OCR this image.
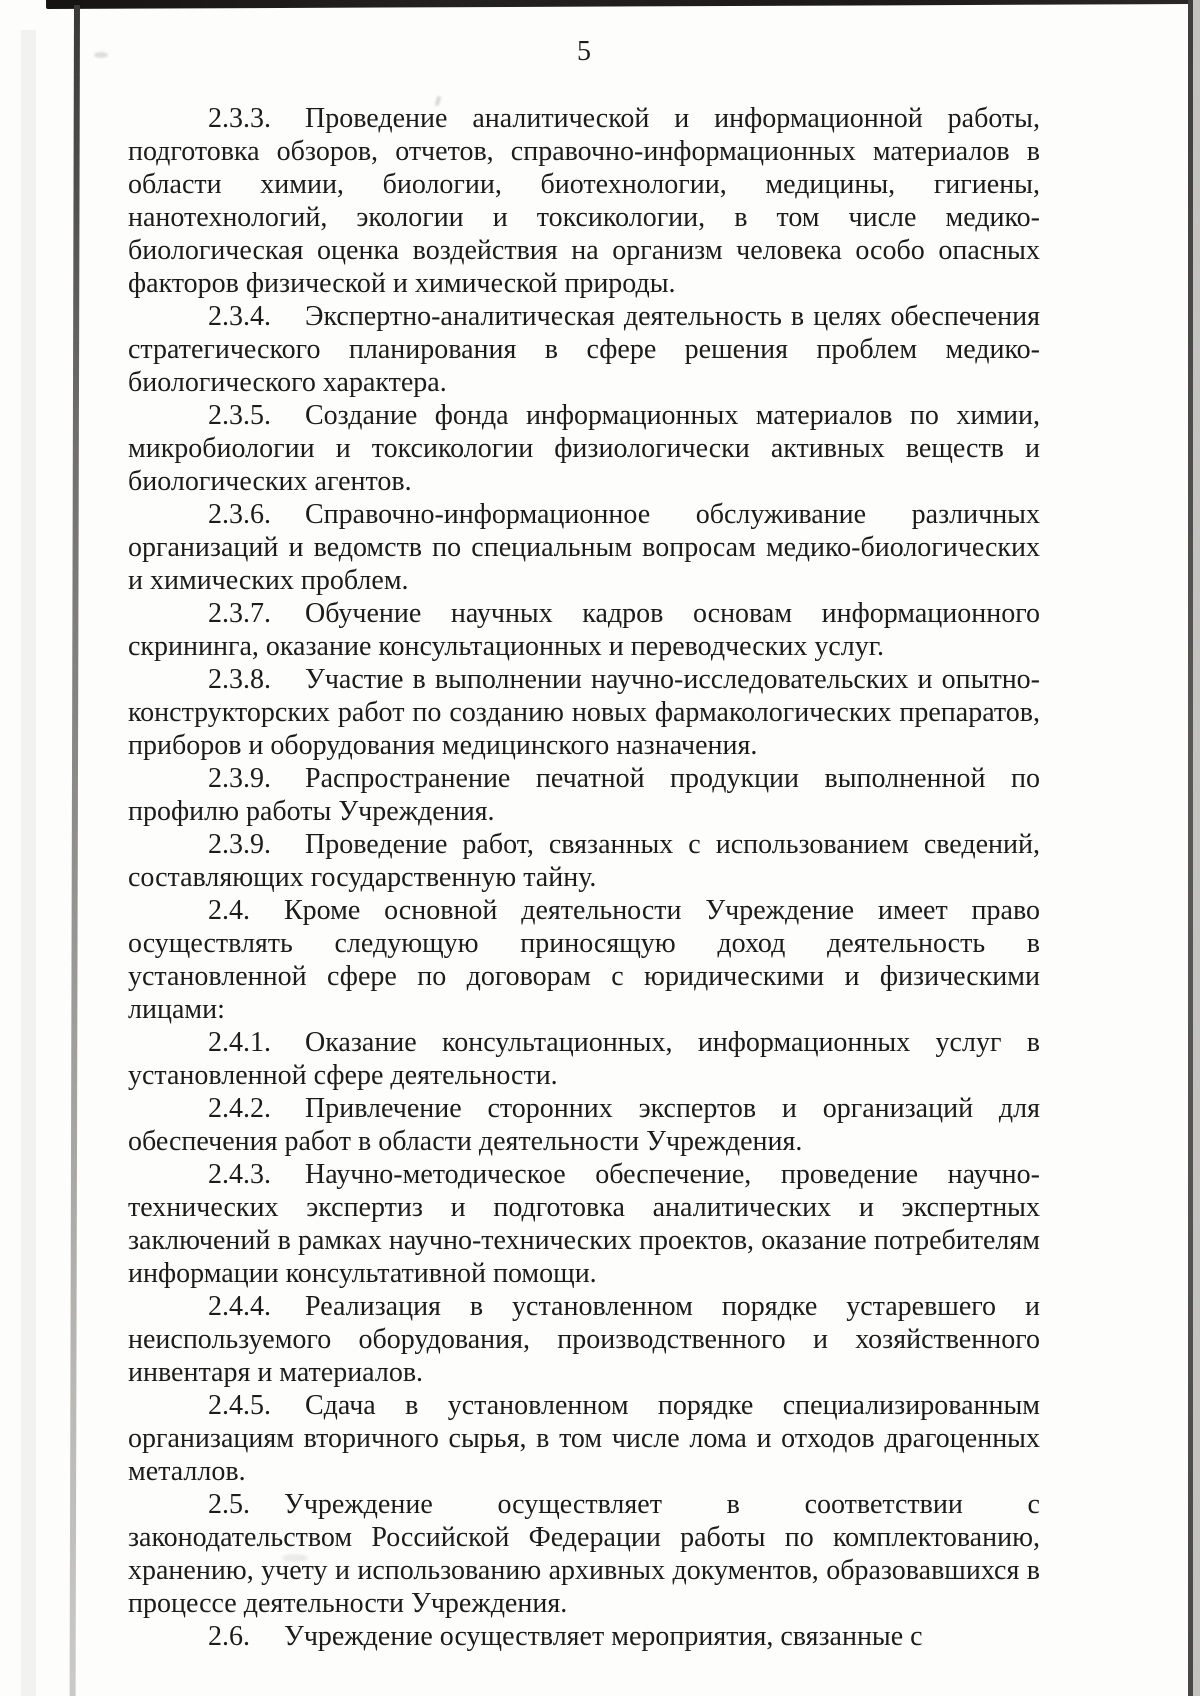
5

2.3.3. Проведение аналитической и информационной работы, подготовка обзоров, отчетов, справочно-информационных материалов в области химии, биологии, биотехнологии, медицины, гигиены, нанотехнологий, экологии и токсикологии, в том числе медико-биологическая оценка воздействия на организм человека особо опасных факторов физической и химической природы.

2.3.4. Экспертно-аналитическая деятельность в целях обеспечения стратегического планирования в сфере решения проблем медико-биологического характера.

2.3.5. Создание фонда информационных материалов по химии, микробиологии и токсикологии физиологически активных веществ и биологических агентов.

2.3.6. Справочно-информационное обслуживание различных организаций и ведомств по специальным вопросам медико-биологических и химических проблем.

2.3.7. Обучение научных кадров основам информационного скрининга, оказание консультационных и переводческих услуг.

2.3.8. Участие в выполнении научно-исследовательских и опытно-конструкторских работ по созданию новых фармакологических препаратов, приборов и оборудования медицинского назначения.

2.3.9. Распространение печатной продукции выполненной по профилю работы Учреждения.

2.3.9. Проведение работ, связанных с использованием сведений, составляющих государственную тайну.

2.4. Кроме основной деятельности Учреждение имеет право осуществлять следующую приносящую доход деятельность в установленной сфере по договорам с юридическими и физическими лицами:

2.4.1. Оказание консультационных, информационных услуг в установленной сфере деятельности.

2.4.2. Привлечение сторонних экспертов и организаций для обеспечения работ в области деятельности Учреждения.

2.4.3. Научно-методическое обеспечение, проведение научно-технических экспертиз и подготовка аналитических и экспертных заключений в рамках научно-технических проектов, оказание потребителям информации консультативной помощи.

2.4.4. Реализация в установленном порядке устаревшего и неиспользуемого оборудования, производственного и хозяйственного инвентаря и материалов.

2.4.5. Сдача в установленном порядке специализированным организациям вторичного сырья, в том числе лома и отходов драгоценных металлов.

2.5. Учреждение осуществляет в соответствии с законодательством Российской Федерации работы по комплектованию, хранению, учету и использованию архивных документов, образовавшихся в процессе деятельности Учреждения.

2.6. Учреждение осуществляет мероприятия, связанные с
